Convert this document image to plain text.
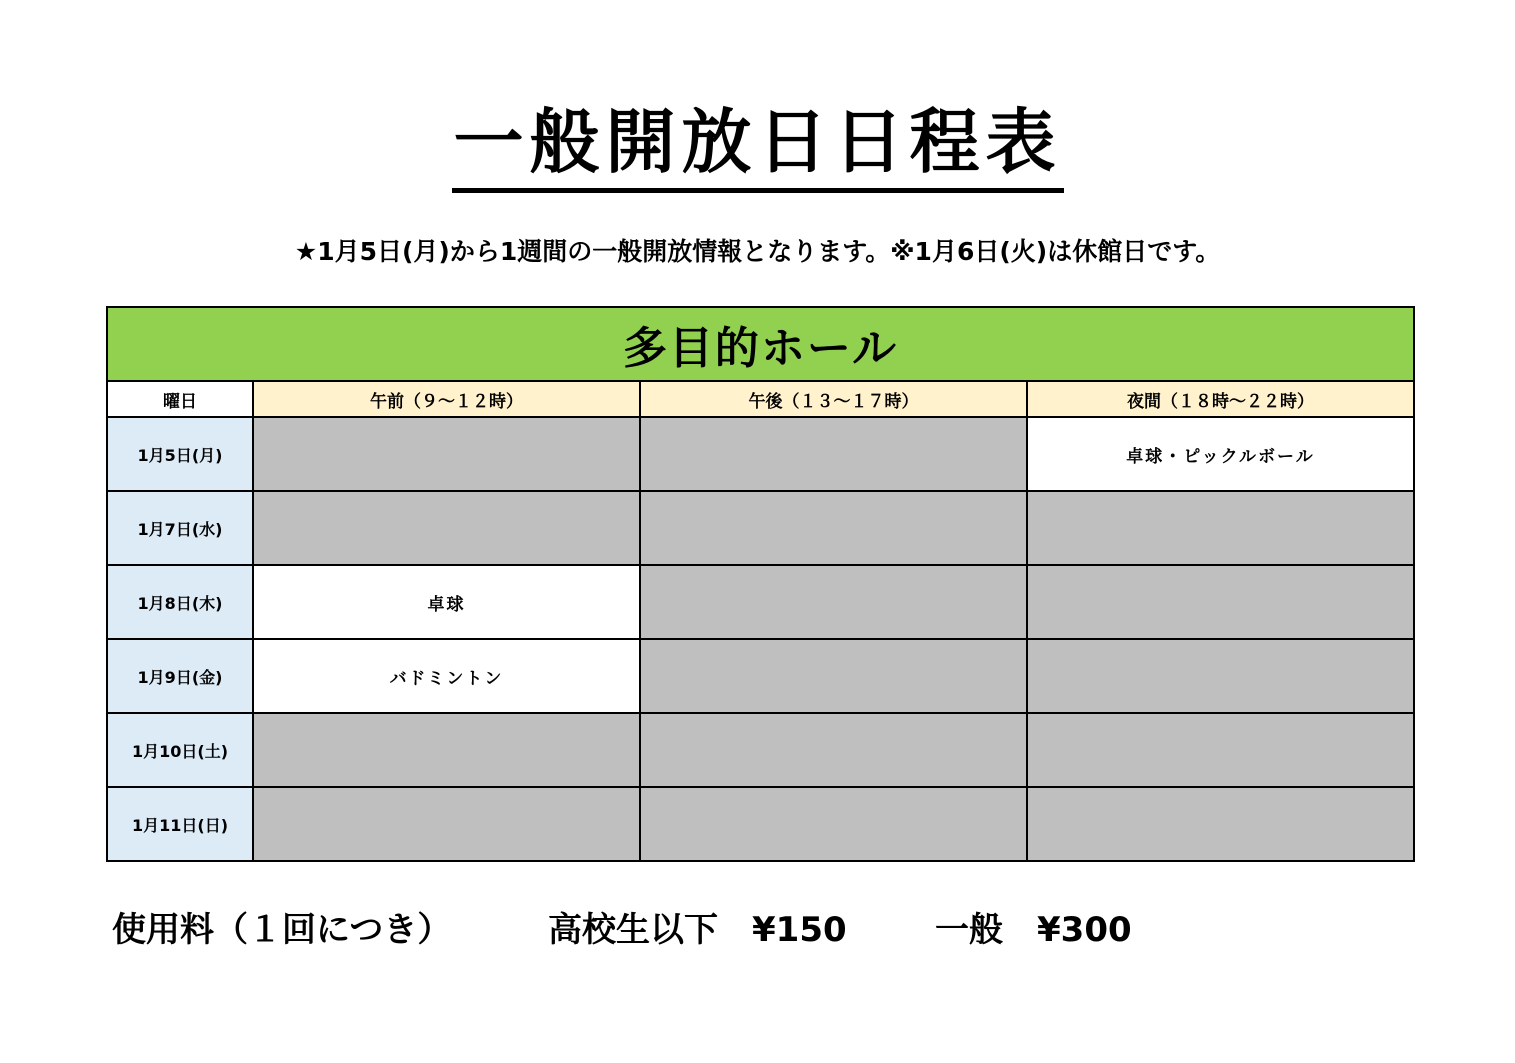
一般開放日日程表
★1月5日(月)から1週間の一般開放情報となります。※1月6日(火)は休館日です。
多目的ホール			
曜日	午前（９～１２時）	午後（１３～１７時）	夜間（１８時～２２時）
1月5日(月)			卓球・ピックルボール
1月7日(水)			
1月8日(木)	卓球		
1月9日(金)	バドミントン		
1月10日(土)			
1月11日(日)			
使用料（１回につき）	高校生以下　¥150	一般　¥300
